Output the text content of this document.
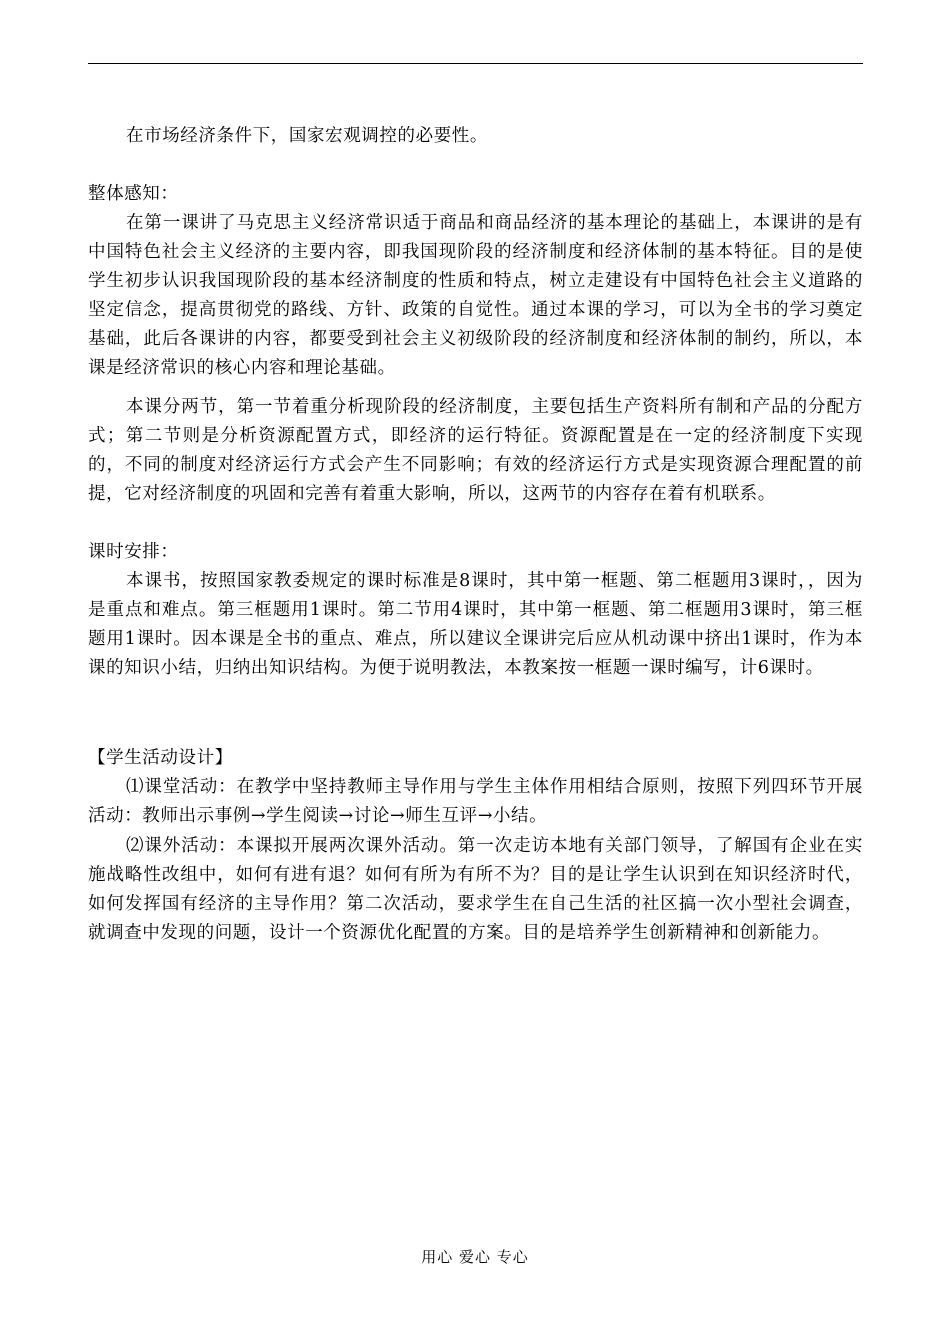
在市场经济条件下，国家宏观调控的必要性。

整体感知：

在第一课讲了马克思主义经济常识适于商品和商品经济的基本理论的基础上，本课讲的是有中国特色社会主义经济的主要内容，即我国现阶段的经济制度和经济体制的基本特征。目的是使学生初步认识我国现阶段的基本经济制度的性质和特点，树立走建设有中国特色社会主义道路的坚定信念，提高贯彻党的路线、方针、政策的自觉性。通过本课的学习，可以为全书的学习奠定基础，此后各课讲的内容，都要受到社会主义初级阶段的经济制度和经济体制的制约，所以，本课是经济常识的核心内容和理论基础。

本课分两节，第一节着重分析现阶段的经济制度，主要包括生产资料所有制和产品的分配方式；第二节则是分析资源配置方式，即经济的运行特征。资源配置是在一定的经济制度下实现的，不同的制度对经济运行方式会产生不同影响；有效的经济运行方式是实现资源合理配置的前提，它对经济制度的巩固和完善有着重大影响，所以，这两节的内容存在着有机联系。

课时安排：

本课书，按照国家教委规定的课时标准是8课时，其中第一框题、第二框题用3课时，，因为是重点和难点。第三框题用1课时。第二节用4课时，其中第一框题、第二框题用3课时，第三框题用1课时。因本课是全书的重点、难点，所以建议全课讲完后应从机动课中挤出1课时，作为本课的知识小结，归纳出知识结构。为便于说明教法，本教案按一框题一课时编写，计6课时。

【学生活动设计】

⑴课堂活动：在教学中坚持教师主导作用与学生主体作用相结合原则，按照下列四环节开展活动：教师出示事例→学生阅读→讨论→师生互评→小结。

⑵课外活动：本课拟开展两次课外活动。第一次走访本地有关部门领导，了解国有企业在实施战略性改组中，如何有进有退？如何有所为有所不为？目的是让学生认识到在知识经济时代，如何发挥国有经济的主导作用？第二次活动，要求学生在自己生活的社区搞一次小型社会调查，就调查中发现的问题，设计一个资源优化配置的方案。目的是培养学生创新精神和创新能力。

用心 爱心 专心
